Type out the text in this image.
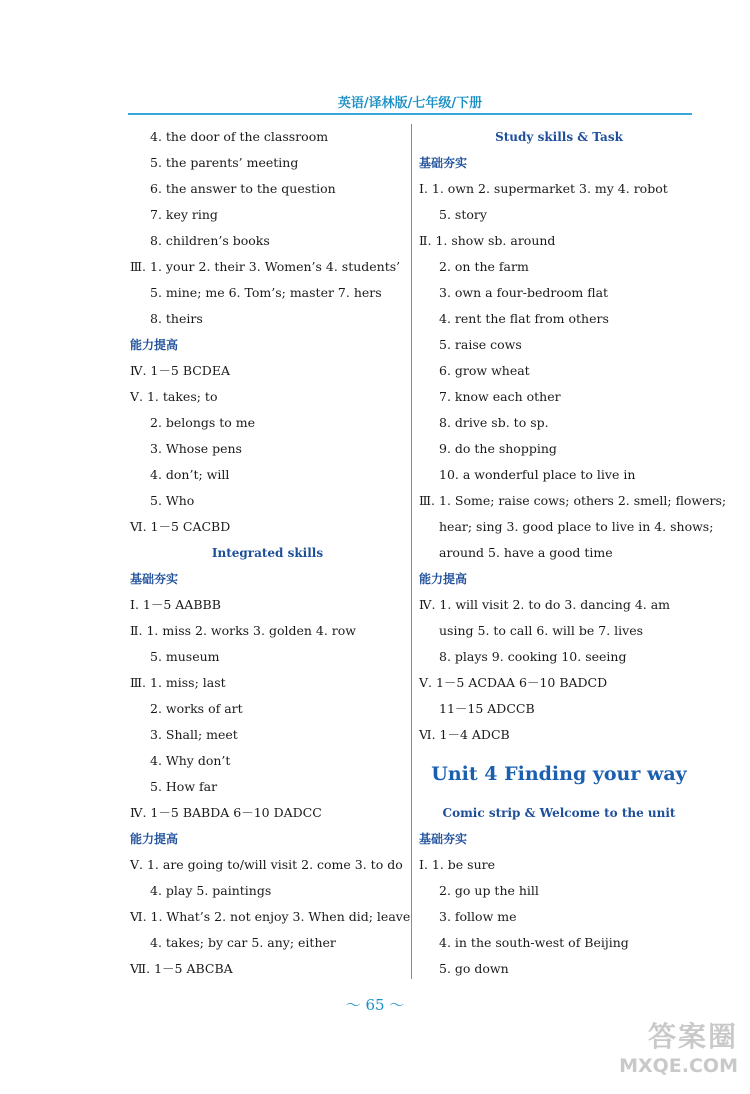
英语/译林版/七年级/下册
4. the door of the classroom
5. the parents’ meeting
6. the answer to the question
7. key ring
8. children’s books
Ⅲ. 1. your 2. their 3. Women’s 4. students’
5. mine; me 6. Tom’s; master 7. hers
8. theirs
能力提高
Ⅳ. 1－5 BCDEA
Ⅴ. 1. takes; to
2. belongs to me
3. Whose pens
4. don’t; will
5. Who
Ⅵ. 1－5 CACBD
Integrated skills
基础夯实
Ⅰ. 1－5 AABBB
Ⅱ. 1. miss 2. works 3. golden 4. row
5. museum
Ⅲ. 1. miss; last
2. works of art
3. Shall; meet
4. Why don’t
5. How far
Ⅳ. 1－5 BABDA 6－10 DADCC
能力提高
Ⅴ. 1. are going to/will visit 2. come 3. to do
4. play 5. paintings
Ⅵ. 1. What’s 2. not enjoy 3. When did; leave
4. takes; by car 5. any; either
Ⅶ. 1－5 ABCBA
Study skills & Task
基础夯实
Ⅰ. 1. own 2. supermarket 3. my 4. robot
5. story
Ⅱ. 1. show sb. around
2. on the farm
3. own a four-bedroom flat
4. rent the flat from others
5. raise cows
6. grow wheat
7. know each other
8. drive sb. to sp.
9. do the shopping
10. a wonderful place to live in
Ⅲ. 1. Some; raise cows; others 2. smell; flowers;
hear; sing 3. good place to live in 4. shows;
around 5. have a good time
能力提高
Ⅳ. 1. will visit 2. to do 3. dancing 4. am
using 5. to call 6. will be 7. lives
8. plays 9. cooking 10. seeing
Ⅴ. 1－5 ACDAA 6－10 BADCD
11－15 ADCCB
Ⅵ. 1－4 ADCB
Unit 4 Finding your way
Comic strip & Welcome to the unit
基础夯实
Ⅰ. 1. be sure
2. go up the hill
3. follow me
4. in the south-west of Beijing
5. go down
～ 65 ～
答案圈
MXQE.COM
